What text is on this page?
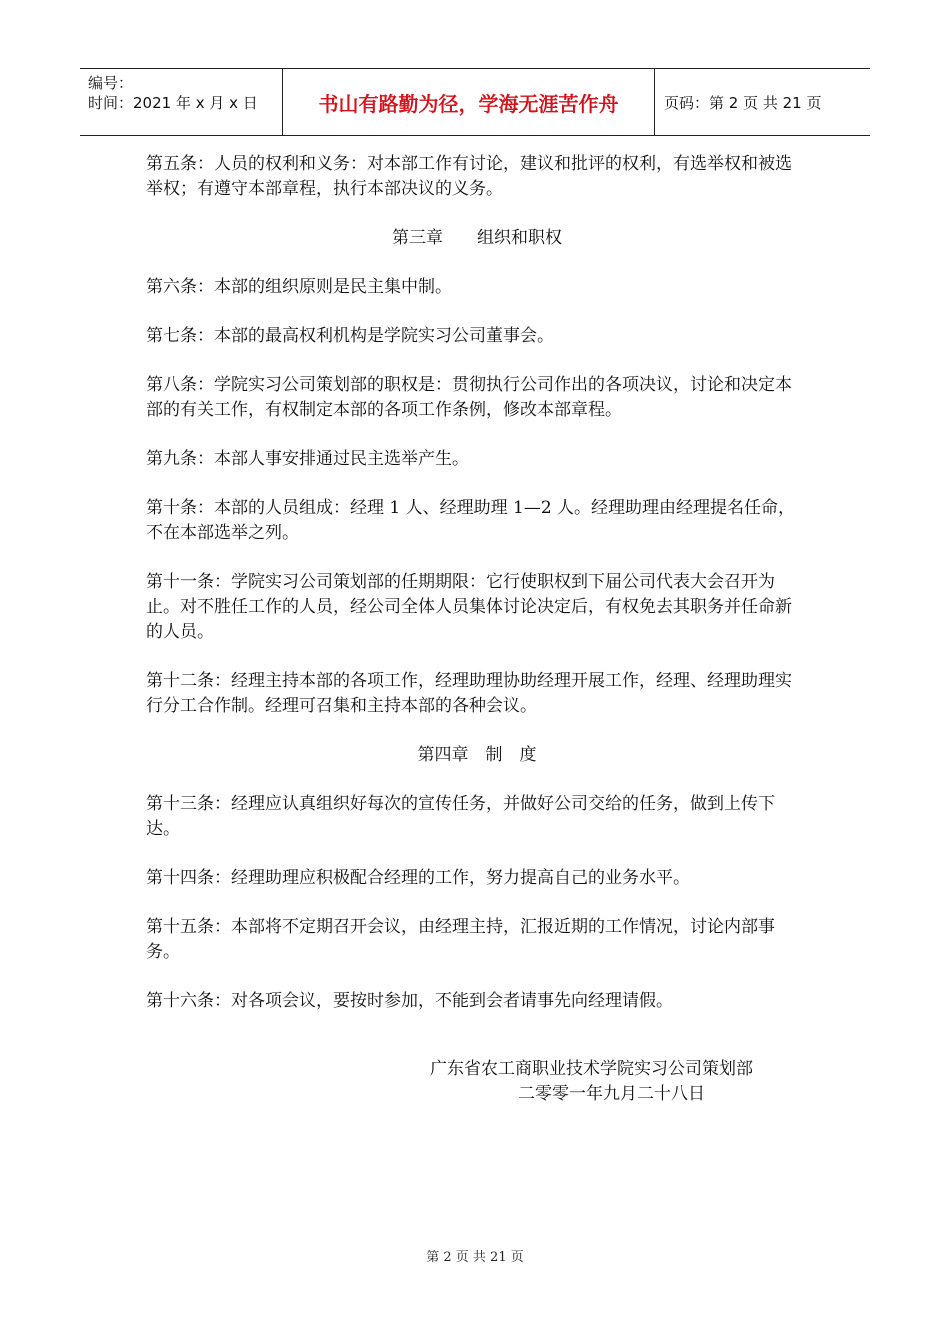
编号：
时间：2021 年 x 月 x 日	书山有路勤为径，学海无涯苦作舟	页码：第 2 页 共 21 页

第五条：人员的权利和义务：对本部工作有讨论，建议和批评的权利，有选举权和被选举权；有遵守本部章程，执行本部决议的义务。

第三章　　组织和职权

第六条：本部的组织原则是民主集中制。

第七条：本部的最高权利机构是学院实习公司董事会。

第八条：学院实习公司策划部的职权是：贯彻执行公司作出的各项决议，讨论和决定本部的有关工作，有权制定本部的各项工作条例，修改本部章程。

第九条：本部人事安排通过民主选举产生。

第十条：本部的人员组成：经理 1 人、经理助理 1—2 人。经理助理由经理提名任命，不在本部选举之列。

第十一条：学院实习公司策划部的任期期限：它行使职权到下届公司代表大会召开为止。对不胜任工作的人员，经公司全体人员集体讨论决定后，有权免去其职务并任命新的人员。

第十二条：经理主持本部的各项工作，经理助理协助经理开展工作，经理、经理助理实行分工合作制。经理可召集和主持本部的各种会议。

第四章　制　度

第十三条：经理应认真组织好每次的宣传任务，并做好公司交给的任务，做到上传下达。

第十四条：经理助理应积极配合经理的工作，努力提高自己的业务水平。

第十五条：本部将不定期召开会议，由经理主持，汇报近期的工作情况，讨论内部事务。

第十六条：对各项会议，要按时参加，不能到会者请事先向经理请假。

广东省农工商职业技术学院实习公司策划部
二零零一年九月二十八日
第 2 页 共 21 页
